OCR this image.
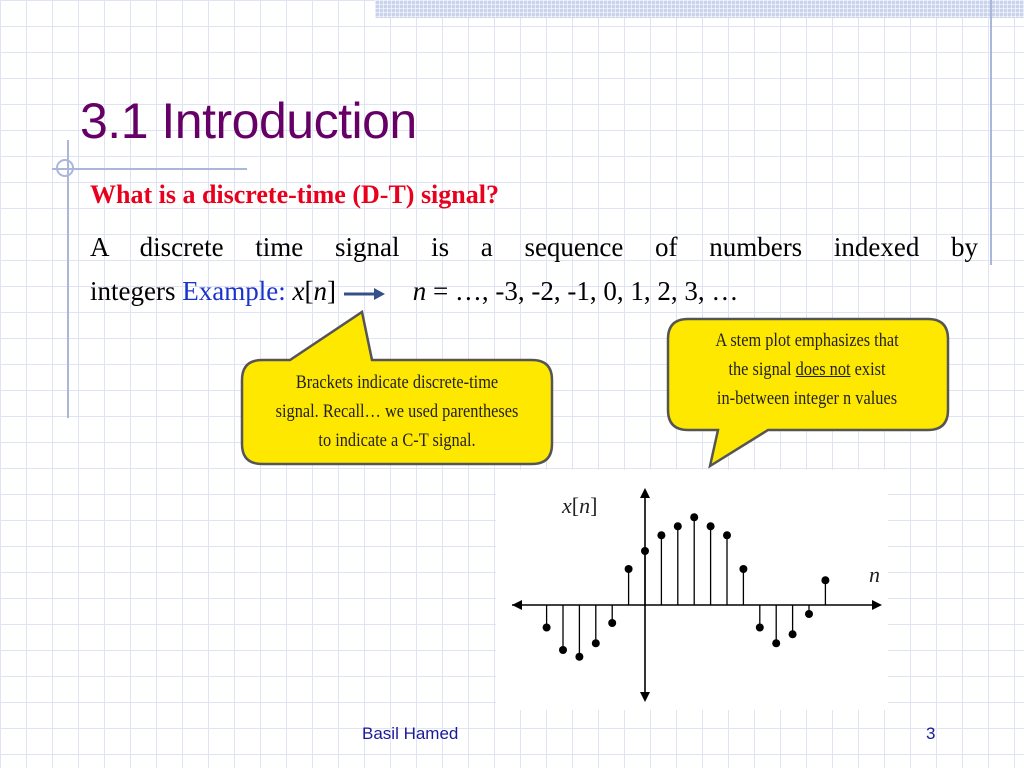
3.1 Introduction
What is a discrete-time (D-T) signal?
A discrete time signal is a sequence of numbers indexed by
integers Example: x[n]	n = …, -3, -2, -1, 0, 1, 2, 3, …
Brackets indicate discrete-time
signal. Recall… we used parentheses
to indicate a C-T signal.
A stem plot emphasizes that
the signal does not exist
in-between integer n values
x[n]
n
Basil Hamed	3
